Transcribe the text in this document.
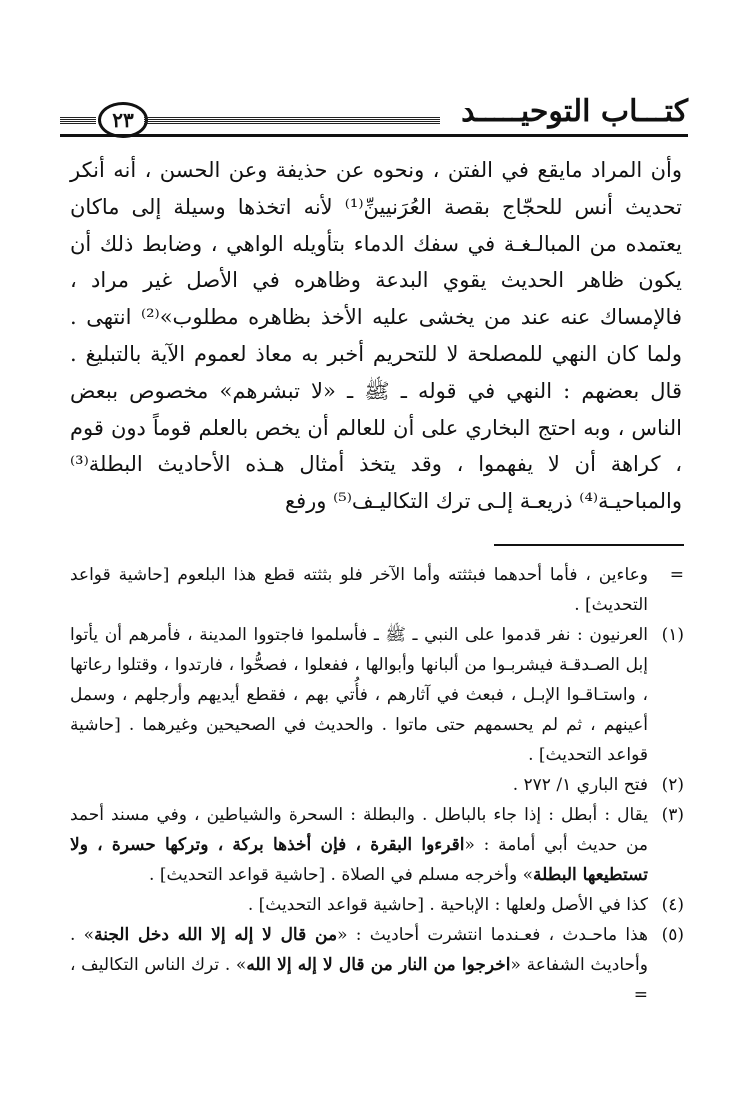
٢٣	كتـــاب التوحيـــــد

وأن المراد مايقع في الفتن ، ونحوه عن حذيفة وعن الحسن ، أنه أنكر تحديث أنس للحجّاج بقصة العُرَنيينِّ⁽¹⁾ لأنه اتخذها وسيلة إلى ماكان يعتمده من المبالـغـة في سفك الدماء بتأويله الواهي ، وضابط ذلك أن يكون ظاهر الحديث يقوي البدعة وظاهره في الأصل غير مراد ، فالإمساك عنه عند من يخشى عليه الأخذ بظاهره مطلوب»⁽²⁾ انتهى . ولما كان النهي للمصلحة لا للتحريم أخبر به معاذ لعموم الآية بالتبليغ . قال بعضهم : النهي في قوله ـ ﷺ ـ «لا تبشرهم» مخصوص ببعض الناس ، وبه احتج البخاري على أن للعالم أن يخص بالعلم قوماً دون قوم ، كراهة أن لا يفهموا ، وقد يتخذ أمثال هـذه الأحاديث البطلة⁽³⁾ والمباحيـة⁽⁴⁾ ذريعـة إلـى ترك التكاليـف⁽⁵⁾ ورفع

=
وعاءين ، فأما أحدهما فبثثته وأما الآخر فلو بثثته قطع هذا البلعوم [حاشية قواعد التحديث] .
(١)
العرنيون : نفر قدموا على النبي ـ ﷺ ـ فأسلموا فاجتووا المدينة ، فأمرهم أن يأتوا إبل الصـدقـة فيشربـوا من ألبانها وأبوالها ، ففعلوا ، فصحُّوا ، فارتدوا ، وقتلوا رعاتها ، واستـاقـوا الإبـل ، فبعث في آثارهم ، فأُتي بهم ، فقطع أيديهم وأرجلهم ، وسمل أعينهم ، ثم لم يحسمهم حتى ماتوا . والحديث في الصحيحين وغيرهما . [حاشية قواعد التحديث] .
(٢)
فتح الباري ١/ ٢٧٢ .
(٣)
يقال : أبطل : إذا جاء بالباطل . والبطلة : السحرة والشياطين ، وفي مسند أحمد من حديث أبي أمامة : «اقرءوا البقرة ، فإن أخذها بركة ، وتركها حسرة ، ولا تستطيعها البطلة» وأخرجه مسلم في الصلاة . [حاشية قواعد التحديث] .
(٤)
كذا في الأصل ولعلها : الإباحية . [حاشية قواعد التحديث] .
(٥)
هذا ماحـدث ، فعـندما انتشرت أحاديث : «من قال لا إله إلا الله دخل الجنة» . وأحاديث الشفاعة «اخرجوا من النار من قال لا إله إلا الله» . ترك الناس التكاليف ، =
